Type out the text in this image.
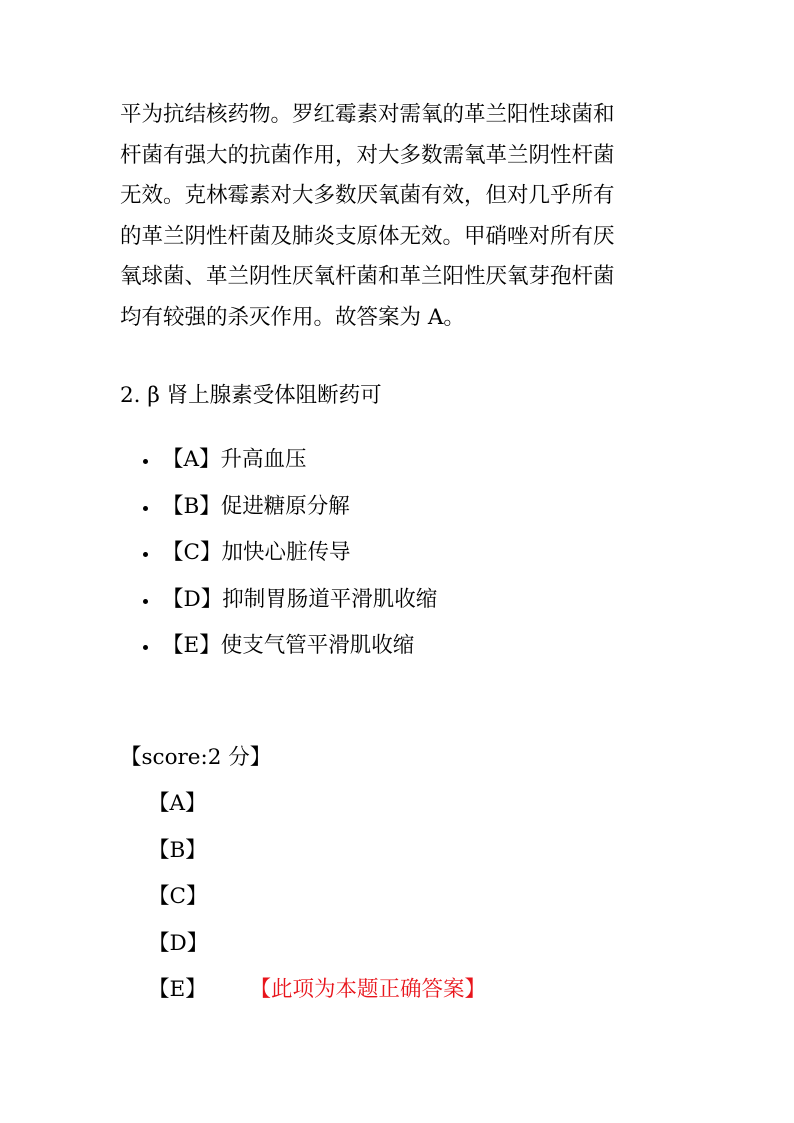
平为抗结核药物。罗红霉素对需氧的革兰阳性球菌和
杆菌有强大的抗菌作用，对大多数需氧革兰阴性杆菌
无效。克林霉素对大多数厌氧菌有效，但对几乎所有
的革兰阴性杆菌及肺炎支原体无效。甲硝唑对所有厌
氧球菌、革兰阴性厌氧杆菌和革兰阳性厌氧芽孢杆菌
均有较强的杀灭作用。故答案为 A。
2. β 肾上腺素受体阻断药可
【A】升高血压
【B】促进糖原分解
【C】加快心脏传导
【D】抑制胃肠道平滑肌收缩
【E】使支气管平滑肌收缩
【score:2 分】
【A】
【B】
【C】
【D】
【E】 【此项为本题正确答案】
